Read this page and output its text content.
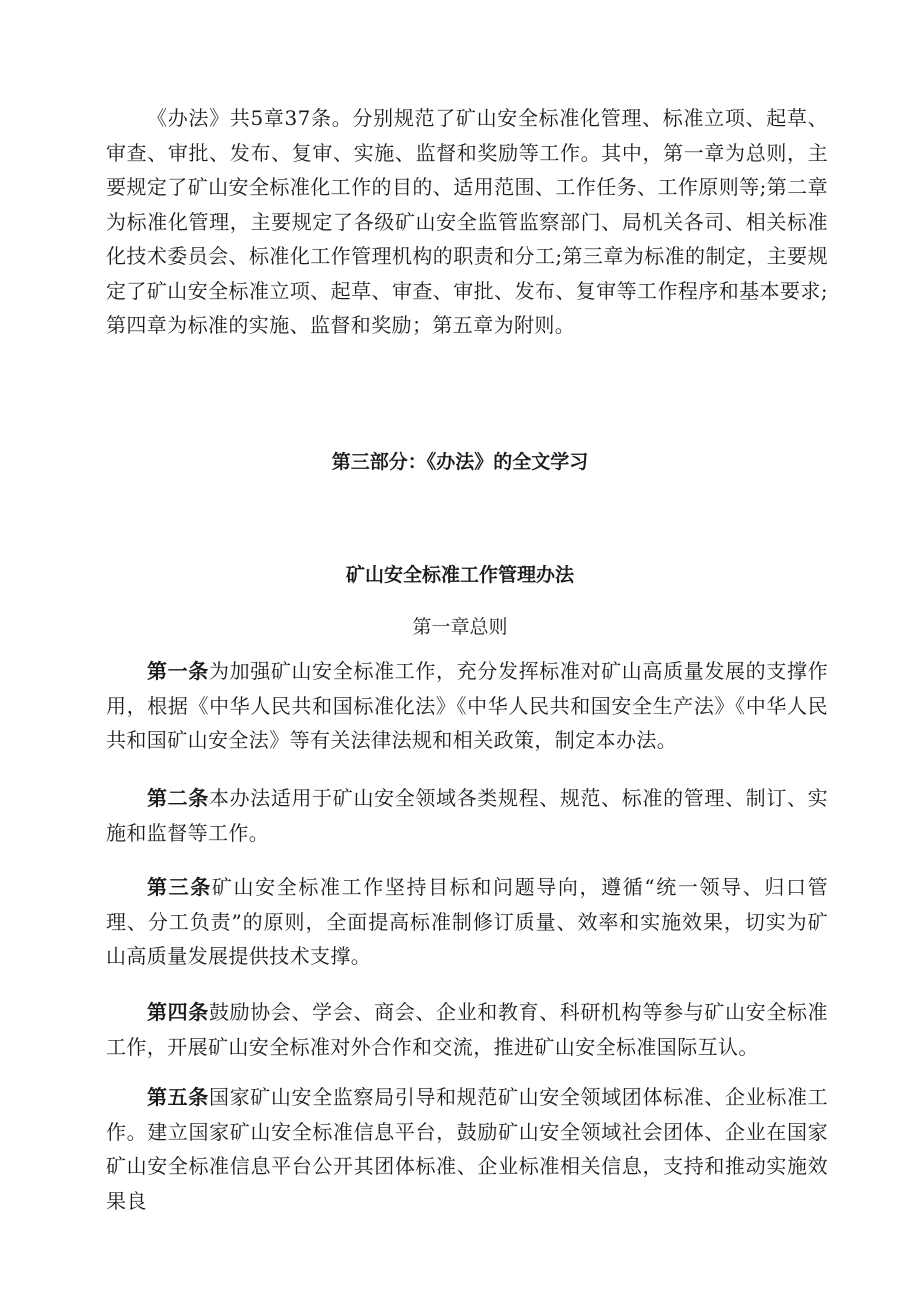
《办法》共5章37条。分别规范了矿山安全标准化管理、标准立项、起草、审查、审批、发布、复审、实施、监督和奖励等工作。其中，第一章为总则，主要规定了矿山安全标准化工作的目的、适用范围、工作任务、工作原则等;第二章为标准化管理，主要规定了各级矿山安全监管监察部门、局机关各司、相关标准化技术委员会、标准化工作管理机构的职责和分工;第三章为标准的制定，主要规定了矿山安全标准立项、起草、审查、审批、发布、复审等工作程序和基本要求;第四章为标准的实施、监督和奖励；第五章为附则。

第三部分：《办法》的全文学习
矿山安全标准工作管理办法
第一章总则

第一条为加强矿山安全标准工作，充分发挥标准对矿山高质量发展的支撑作用，根据《中华人民共和国标准化法》《中华人民共和国安全生产法》《中华人民共和国矿山安全法》等有关法律法规和相关政策，制定本办法。

第二条本办法适用于矿山安全领域各类规程、规范、标准的管理、制订、实施和监督等工作。

第三条矿山安全标准工作坚持目标和问题导向，遵循“统一领导、归口管理、分工负责”的原则，全面提高标准制修订质量、效率和实施效果，切实为矿山高质量发展提供技术支撑。

第四条鼓励协会、学会、商会、企业和教育、科研机构等参与矿山安全标准工作，开展矿山安全标准对外合作和交流，推进矿山安全标准国际互认。

第五条国家矿山安全监察局引导和规范矿山安全领域团体标准、企业标准工作。建立国家矿山安全标准信息平台，鼓励矿山安全领域社会团体、企业在国家矿山安全标准信息平台公开其团体标准、企业标准相关信息，支持和推动实施效果良
